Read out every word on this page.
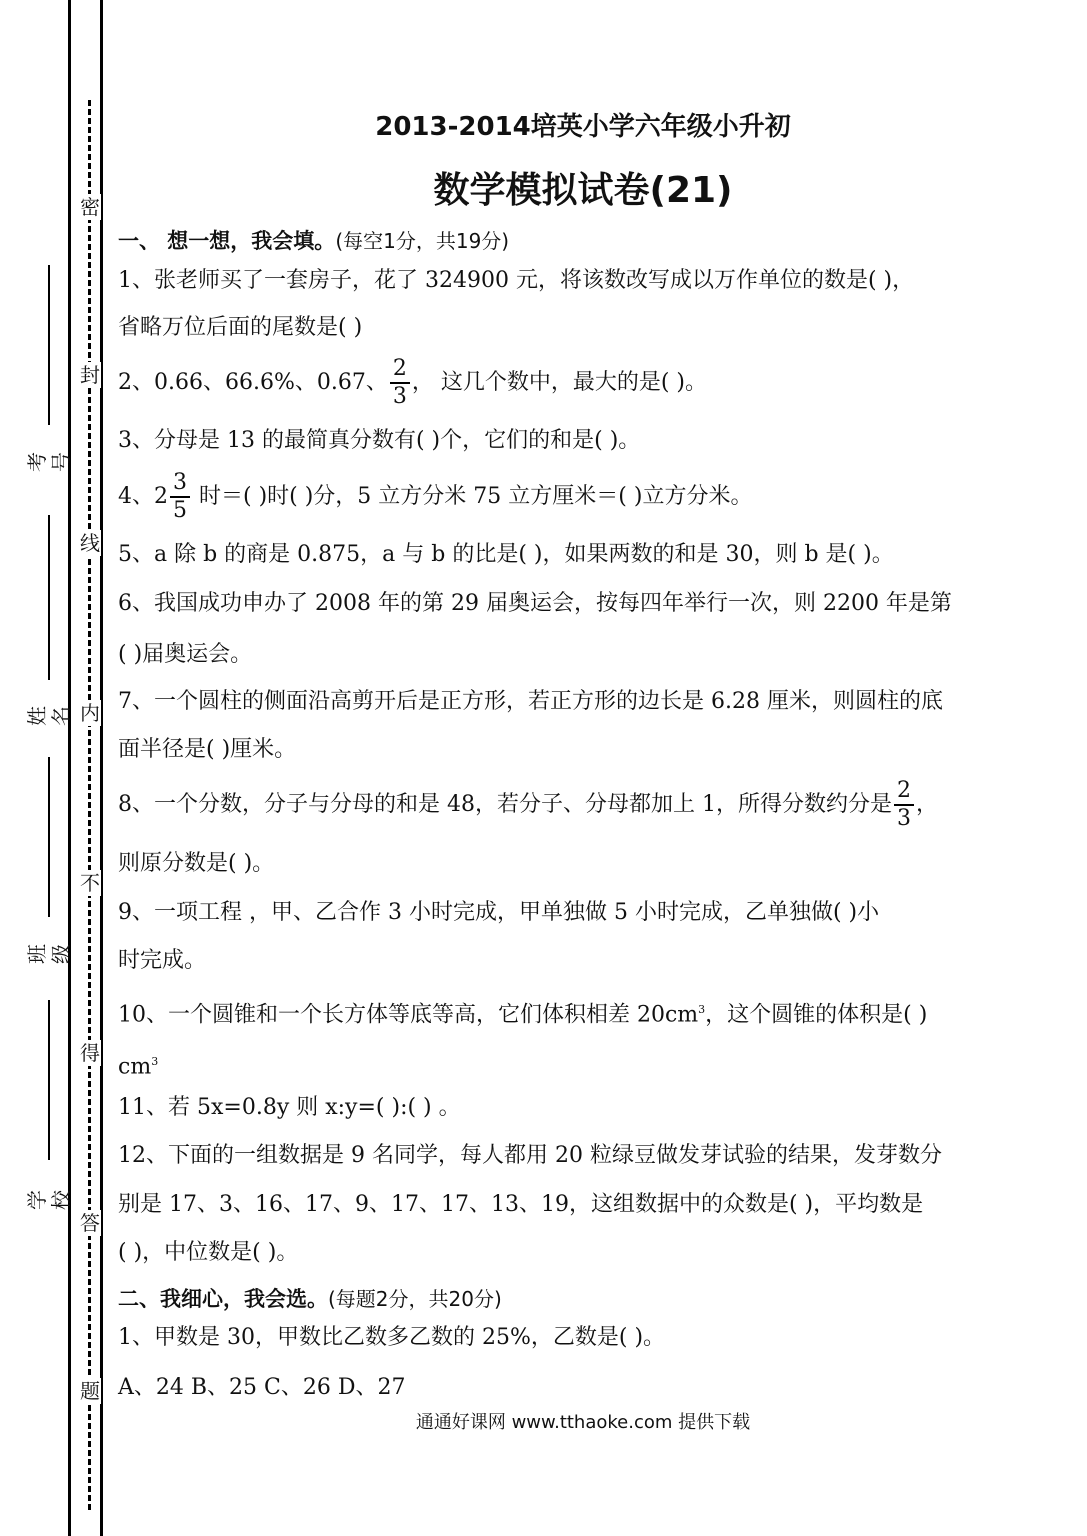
密
封
线
内
不
得
答
题
考号
姓名
班级
学校
2013-2014培英小学六年级小升初
数学模拟试卷(21)
一、 想一想，我会填。(每空1分，共19分)
1、张老师买了一套房子，花了 324900 元，将该数改写成以万作单位的数是( )，
省略万位后面的尾数是( )
2、0.66、66.6%、0.67、 $\frac{2}{3}$ ， 这几个数中，最大的是( )。
3、分母是 13 的最简真分数有( )个，它们的和是( )。
4、$2 \frac{3}{5}$ 时＝( )时( )分，5 立方分米 75 立方厘米＝( )立方分米。
5、a 除 b 的商是 0.875，a 与 b 的比是( )，如果两数的和是 30，则 b 是( )。
6、我国成功申办了 2008 年的第 29 届奥运会，按每四年举行一次，则 2200 年是第
( )届奥运会。
7、一个圆柱的侧面沿高剪开后是正方形，若正方形的边长是 6.28 厘米，则圆柱的底
面半径是( )厘米。
8、一个分数，分子与分母的和是 48，若分子、分母都加上 1，所得分数约分是 $\frac{2}{3}$ ，
则原分数是( )。
9、一项工程 ，甲、乙合作 3 小时完成，甲单独做 5 小时完成，乙单独做( )小
时完成。
10、一个圆锥和一个长方体等底等高，它们体积相差 $20cm^3$，这个圆锥的体积是( )
$cm^3$
11、若 5x=0.8y 则 x:y=( ):( ) 。
12、下面的一组数据是 9 名同学，每人都用 20 粒绿豆做发芽试验的结果，发芽数分
别是 17、3、16、17、9、17、17、13、19，这组数据中的众数是( )，平均数是
( )，中位数是( )。
二、我细心，我会选。(每题2分，共20分)
1、甲数是 30，甲数比乙数多乙数的 25%，乙数是( )。
A、24 B、25 C、26 D、27
通通好课网 www.tthaoke.com 提供下载
